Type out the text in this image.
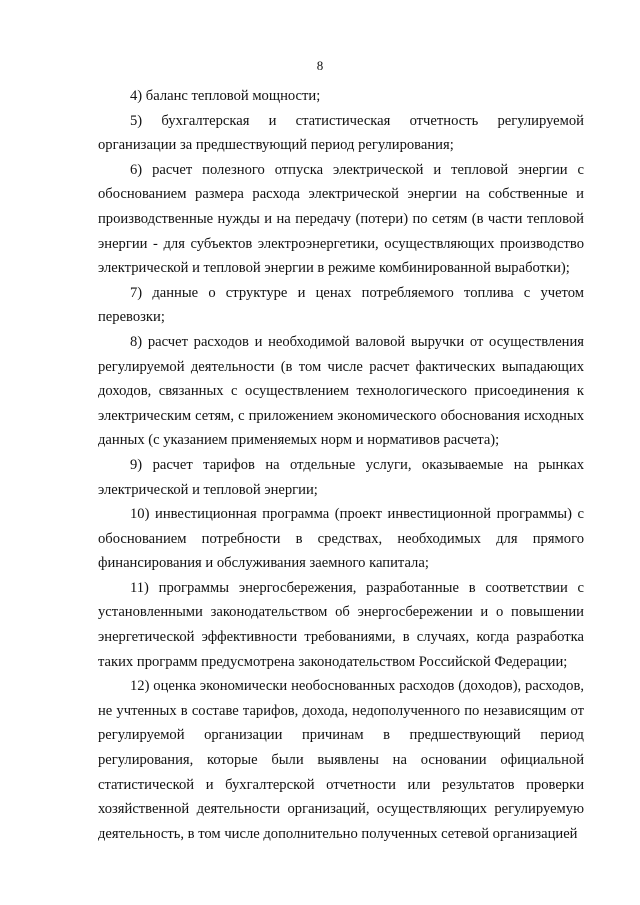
8

4) баланс тепловой мощности;

5) бухгалтерская и статистическая отчетность регулируемой организации за предшествующий период регулирования;

6) расчет полезного отпуска электрической и тепловой энергии с обоснованием размера расхода электрической энергии на собственные и производственные нужды и на передачу (потери) по сетям (в части тепловой энергии - для субъектов электроэнергетики, осуществляющих производство электрической и тепловой энергии в режиме комбинированной выработки);

7) данные о структуре и ценах потребляемого топлива с учетом перевозки;

8) расчет расходов и необходимой валовой выручки от осуществления регулируемой деятельности (в том числе расчет фактических выпадающих доходов, связанных с осуществлением технологического присоединения к электрическим сетям, с приложением экономического обоснования исходных данных (с указанием применяемых норм и нормативов расчета);

9) расчет тарифов на отдельные услуги, оказываемые на рынках электрической и тепловой энергии;

10) инвестиционная программа (проект инвестиционной программы) с обоснованием потребности в средствах, необходимых для прямого финансирования и обслуживания заемного капитала;

11) программы энергосбережения, разработанные в соответствии с установленными законодательством об энергосбережении и о повышении энергетической эффективности требованиями, в случаях, когда разработка таких программ предусмотрена законодательством Российской Федерации;

12) оценка экономически необоснованных расходов (доходов), расходов, не учтенных в составе тарифов, дохода, недополученного по независящим от регулируемой организации причинам в предшествующий период регулирования, которые были выявлены на основании официальной статистической и бухгалтерской отчетности или результатов проверки хозяйственной деятельности организаций, осуществляющих регулируемую деятельность, в том числе дополнительно полученных сетевой организацией
